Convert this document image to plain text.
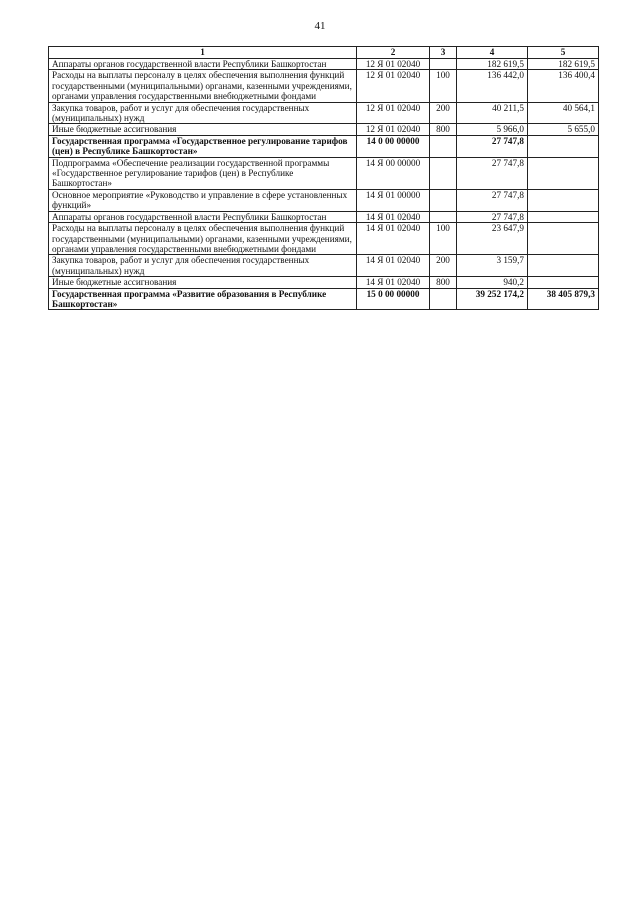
41
1	2	3	4	5
Аппараты органов государственной власти Республики Башкортостан	12 Я 01 02040		182 619,5	182 619,5
Расходы на выплаты персоналу в целях обеспечения выполнения функций государственными (муниципальными) органами, казенными учреждениями, органами управления государственными внебюджетными фондами	12 Я 01 02040	100	136 442,0	136 400,4
Закупка товаров, работ и услуг для обеспечения государственных (муниципальных) нужд	12 Я 01 02040	200	40 211,5	40 564,1
Иные бюджетные ассигнования	12 Я 01 02040	800	5 966,0	5 655,0
Государственная программа «Государственное регулирование тарифов (цен) в Республике Башкортостан»	14 0 00 00000		27 747,8	
Подпрограмма «Обеспечение реализации государственной программы «Государственное регулирование тарифов (цен) в Республике Башкортостан»	14 Я 00 00000		27 747,8	
Основное мероприятие «Руководство и управление в сфере установленных функций»	14 Я 01 00000		27 747,8	
Аппараты органов государственной власти Республики Башкортостан	14 Я 01 02040		27 747,8	
Расходы на выплаты персоналу в целях обеспечения выполнения функций государственными (муниципальными) органами, казенными учреждениями, органами управления государственными внебюджетными фондами	14 Я 01 02040	100	23 647,9	
Закупка товаров, работ и услуг для обеспечения государственных (муниципальных) нужд	14 Я 01 02040	200	3 159,7	
Иные бюджетные ассигнования	14 Я 01 02040	800	940,2	
Государственная программа «Развитие образования в Республике Башкортостан»	15 0 00 00000		39 252 174,2	38 405 879,3
